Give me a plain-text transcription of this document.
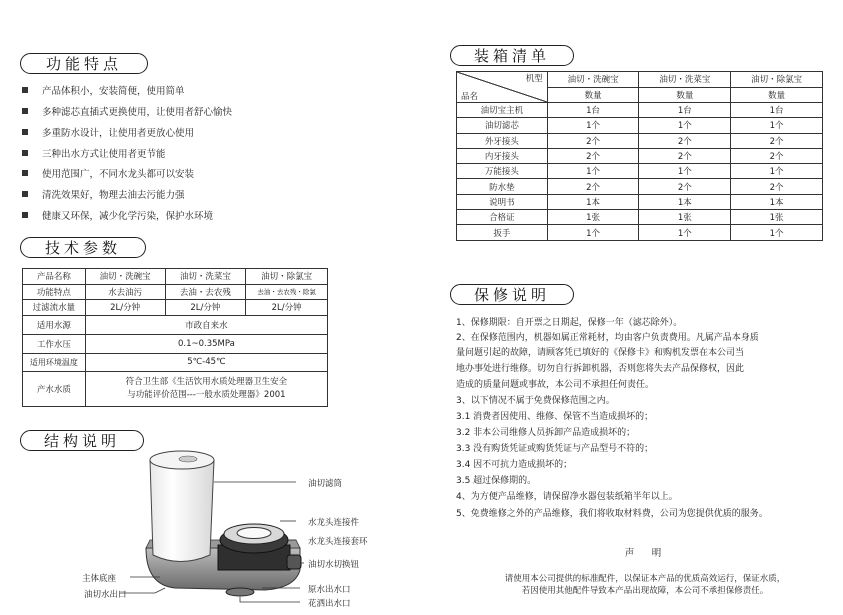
功能特点
产品体积小，安装简便，使用简单
多种滤芯直插式更换使用，让使用者舒心愉快
多重防水设计，让使用者更放心使用
三种出水方式让使用者更节能
使用范围广，不同水龙头都可以安装
清洗效果好，物理去油去污能力强
健康又环保，减少化学污染，保护水环境
技术参数
产品名称	油切・洗碗宝	油切・洗菜宝	油切・除氯宝
功能特点	水去油污	去油・去农残	去油・去农残・除氯
过滤流水量	2L/分钟	2L/分钟	2L/分钟
适用水源	市政自来水		
工作水压	0.1~0.35MPa		
适用环境温度	5℃-45℃		
产水水质	符合卫生部《生活饮用水质处理器卫生安全
与功能评价范围---一般水质处理器》2001		
结构说明
油切滤筒
水龙头连接件
水龙头连接套环
油切水切换钮
主体底座
原水出水口
油切水出口
花洒出水口
装箱清单
品名
机型	油切・洗碗宝	油切・洗菜宝	油切・除氯宝
	数量	数量	数量
油切宝主机	1台	1台	1台
油切滤芯	1个	1个	1个
外牙接头	2个	2个	2个
内牙接头	2个	2个	2个
万能接头	1个	1个	1个
防水垫	2个	2个	2个
说明书	1本	1本	1本
合格证	1张	1张	1张
扳手	1个	1个	1个
保修说明
1、保修期限：自开票之日期起，保修一年（滤芯除外）。
2、在保修范围内，机器如属正常耗材，均由客户负责费用。凡属产品本身质
量问题引起的故障，请顾客凭已填好的《保修卡》和购机发票在本公司当
地办事处进行维修。切勿自行拆卸机器，否则您将失去产品保修权，因此
造成的质量问题或事故，本公司不承担任何责任。
3、以下情况不属于免费保修范围之内。
3.1 消费者因使用、维修、保管不当造成损坏的；
3.2 非本公司维修人员拆卸产品造成损坏的；
3.3 没有购货凭证或购货凭证与产品型号不符的；
3.4 因不可抗力造成损坏的；
3.5 超过保修期的。
4、为方便产品维修，请保留净水器包装纸箱半年以上。
5、免费维修之外的产品维修，我们将收取材料费，公司为您提供优质的服务。
声　明
请使用本公司提供的标准配件，以保证本产品的优质高效运行，保证水质，
若因使用其他配件导致本产品出现故障，本公司不承担保修责任。
